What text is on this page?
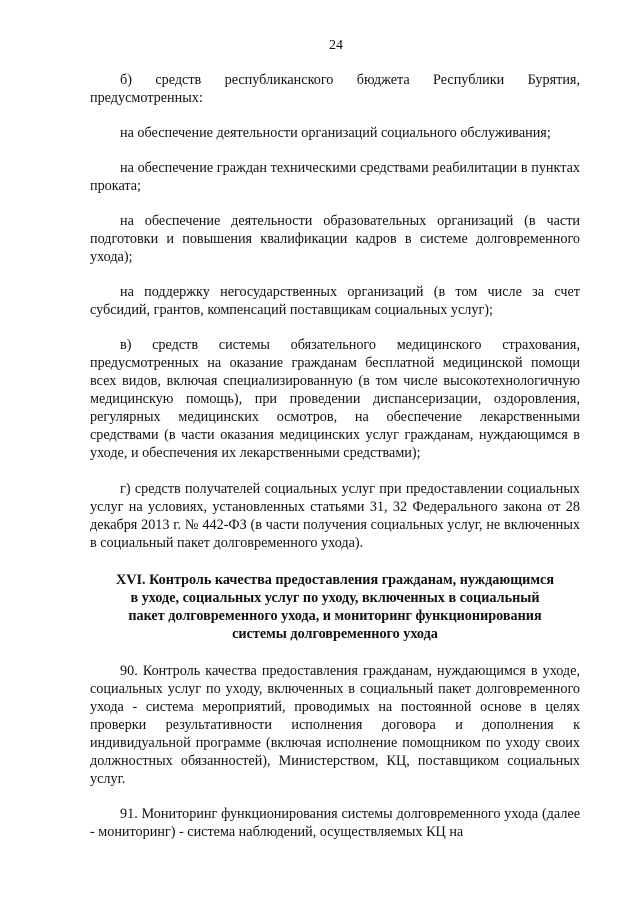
24

б) средств республиканского бюджета Республики Бурятия, предусмотренных:

на обеспечение деятельности организаций социального обслуживания;

на обеспечение граждан техническими средствами реабилитации в пунктах проката;

на обеспечение деятельности образовательных организаций (в части подготовки и повышения квалификации кадров в системе долговременного ухода);

на поддержку негосударственных организаций (в том числе за счет субсидий, грантов, компенсаций поставщикам социальных услуг);

в) средств системы обязательного медицинского страхования, предусмотренных на оказание гражданам бесплатной медицинской помощи всех видов, включая специализированную (в том числе высокотехнологичную медицинскую помощь), при проведении диспансеризации, оздоровления, регулярных медицинских осмотров, на обеспечение лекарственными средствами (в части оказания медицинских услуг гражданам, нуждающимся в уходе, и обеспечения их лекарственными средствами);

г) средств получателей социальных услуг при предоставлении социальных услуг на условиях, установленных статьями 31, 32 Федерального закона от 28 декабря 2013 г. № 442-ФЗ (в части получения социальных услуг, не включенных в социальный пакет долговременного ухода).

XVI. Контроль качества предоставления гражданам, нуждающимся

в уходе, социальных услуг по уходу, включенных в социальный

пакет долговременного ухода, и мониторинг функционирования

системы долговременного ухода

90. Контроль качества предоставления гражданам, нуждающимся в уходе, социальных услуг по уходу, включенных в социальный пакет долговременного ухода - система мероприятий, проводимых на постоянной основе в целях проверки результативности исполнения договора и дополнения к индивидуальной программе (включая исполнение помощником по уходу своих должностных обязанностей), Министерством, КЦ, поставщиком социальных услуг.

91. Мониторинг функционирования системы долговременного ухода (далее - мониторинг) - система наблюдений, осуществляемых КЦ на
